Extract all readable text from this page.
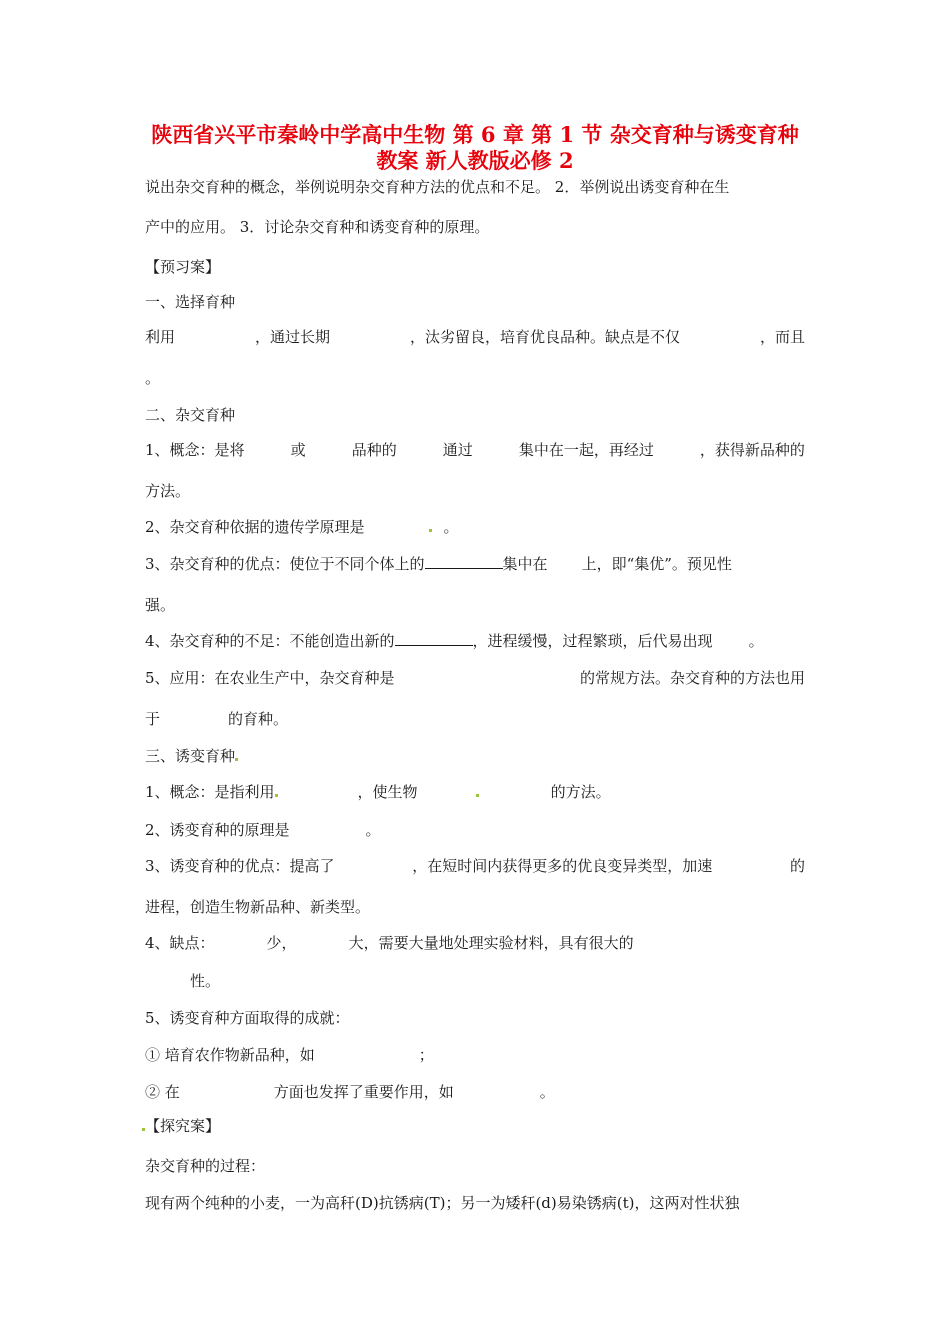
陕西省兴平市秦岭中学高中生物 第 6 章 第 1 节 杂交育种与诱变育种
教案 新人教版必修 2
说出杂交育种的概念，举例说明杂交育种方法的优点和不足。 2．举例说出诱变育种在生
产中的应用。 3．讨论杂交育种和诱变育种的原理。
【预习案】
一、选择育种
利用	，通过长期	，汰劣留良，培育优良品种。缺点是不仅	，而且
。
二、杂交育种
1、概念：是将	或	品种的	通过	集中在一起，再经过	，获得新品种的
方法。
2、杂交育种依据的遗传学原理是	。
3、杂交育种的优点：使位于不同个体上的	集中在 上，即“集优”。预见性
强。
4、杂交育种的不足：不能创造出新的	，进程缓慢，过程繁琐，后代易出现 。
5、应用：在农业生产中，杂交育种是	的常规方法。杂交育种的方法也用
于	的育种。
三、诱变育种
1、概念：是指利用	，使生物	的方法。
2、诱变育种的原理是	。
3、诱变育种的优点：提高了	，在短时间内获得更多的优良变异类型，加速	的
进程，创造生物新品种、新类型。
4、缺点：	少，	大，需要大量地处理实验材料，具有很大的
性。
5、诱变育种方面取得的成就：
① 培育农作物新品种，如	；
② 在	方面也发挥了重要作用，如	。
【探究案】
杂交育种的过程：
现有两个纯种的小麦，一为高秆(D)抗锈病(T)；另一为矮秆(d)易染锈病(t)，这两对性状独
